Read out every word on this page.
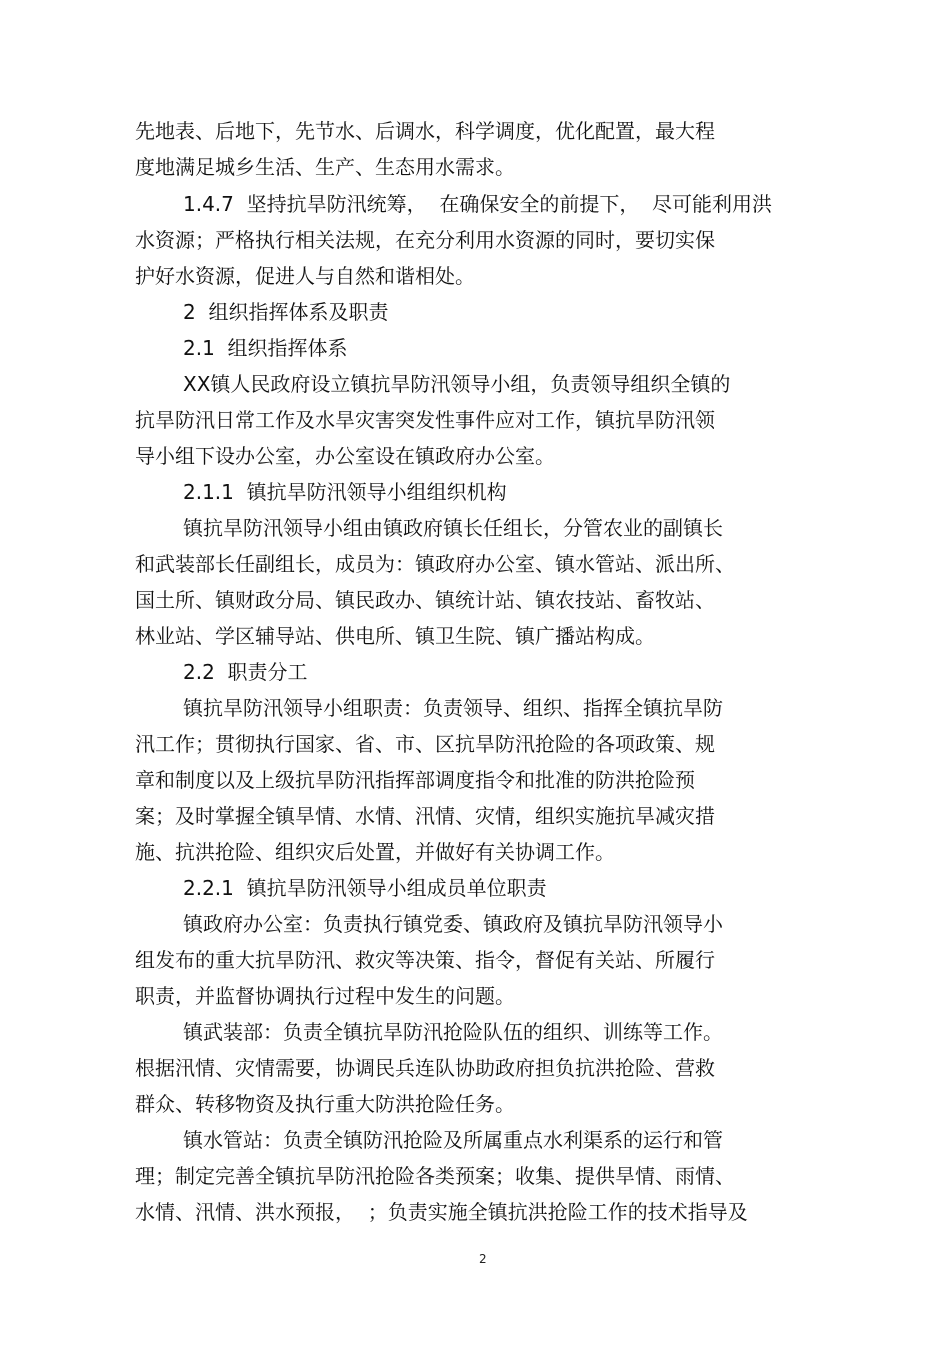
先地表、后地下，先节水、后调水，科学调度，优化配置，最大程
度地满足城乡生活、生产、生态用水需求。
1.4.7  坚持抗旱防汛统筹，  在确保安全的前提下，  尽可能利用洪
水资源；严格执行相关法规，在充分利用水资源的同时，要切实保
护好水资源，促进人与自然和谐相处。
2  组织指挥体系及职责
2.1  组织指挥体系
XX镇人民政府设立镇抗旱防汛领导小组，负责领导组织全镇的
抗旱防汛日常工作及水旱灾害突发性事件应对工作，镇抗旱防汛领
导小组下设办公室，办公室设在镇政府办公室。
2.1.1  镇抗旱防汛领导小组组织机构
镇抗旱防汛领导小组由镇政府镇长任组长，分管农业的副镇长
和武装部长任副组长，成员为：镇政府办公室、镇水管站、派出所、
国土所、镇财政分局、镇民政办、镇统计站、镇农技站、畜牧站、
林业站、学区辅导站、供电所、镇卫生院、镇广播站构成。
2.2  职责分工
镇抗旱防汛领导小组职责：负责领导、组织、指挥全镇抗旱防
汛工作；贯彻执行国家、省、市、区抗旱防汛抢险的各项政策、规
章和制度以及上级抗旱防汛指挥部调度指令和批准的防洪抢险预
案；及时掌握全镇旱情、水情、汛情、灾情，组织实施抗旱减灾措
施、抗洪抢险、组织灾后处置，并做好有关协调工作。
2.2.1  镇抗旱防汛领导小组成员单位职责
镇政府办公室：负责执行镇党委、镇政府及镇抗旱防汛领导小
组发布的重大抗旱防汛、救灾等决策、指令，督促有关站、所履行
职责，并监督协调执行过程中发生的问题。
镇武装部：负责全镇抗旱防汛抢险队伍的组织、训练等工作。
根据汛情、灾情需要，协调民兵连队协助政府担负抗洪抢险、营救
群众、转移物资及执行重大防洪抢险任务。
镇水管站：负责全镇防汛抢险及所属重点水利渠系的运行和管
理；制定完善全镇抗旱防汛抢险各类预案；收集、提供旱情、雨情、
水情、汛情、洪水预报，  ；负责实施全镇抗洪抢险工作的技术指导及
2
